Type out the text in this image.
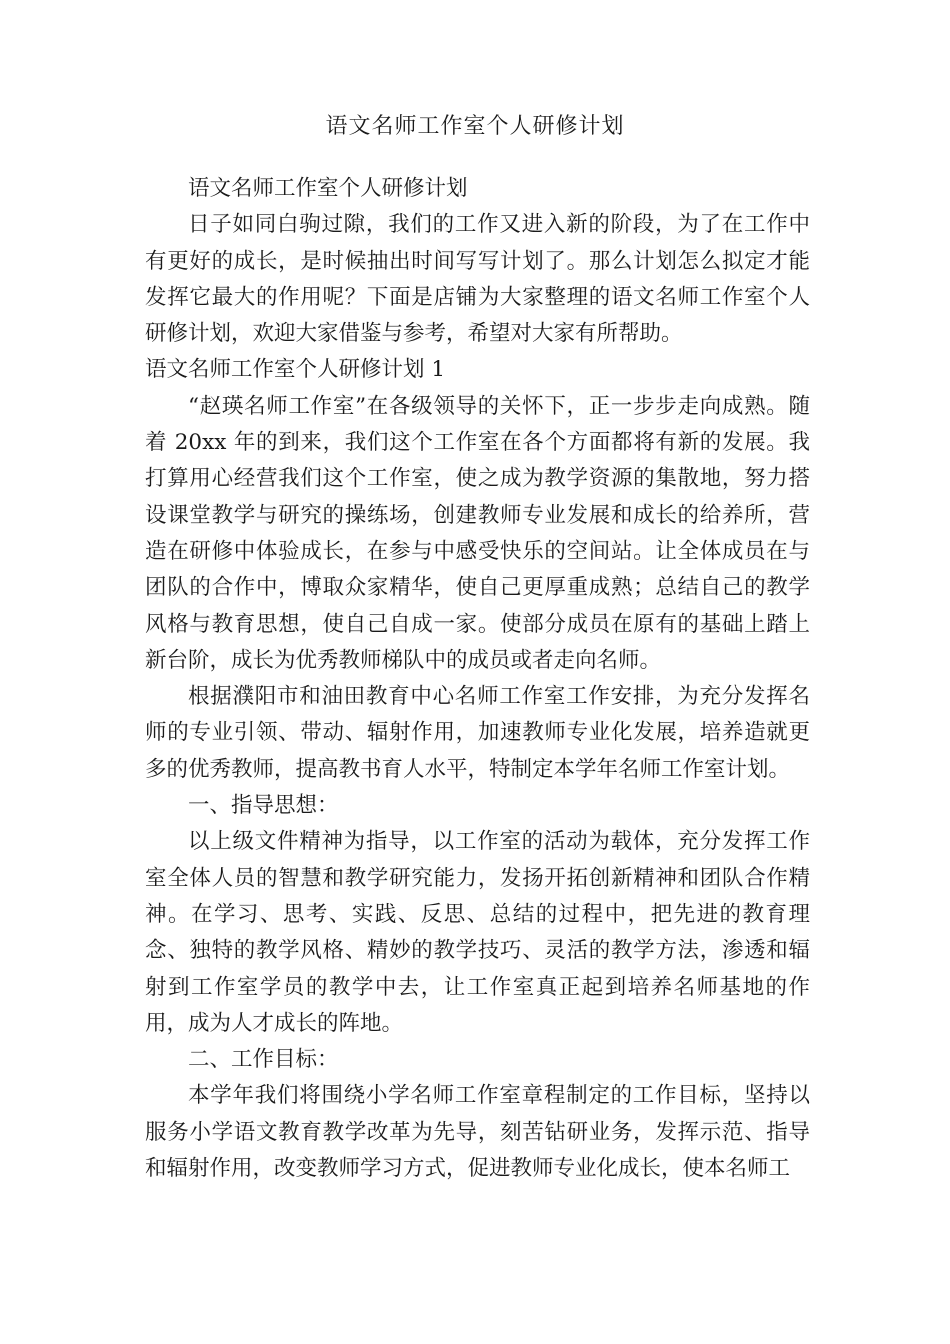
语文名师工作室个人研修计划

语文名师工作室个人研修计划

日子如同白驹过隙，我们的工作又进入新的阶段，为了在工作中有更好的成长，是时候抽出时间写写计划了。那么计划怎么拟定才能发挥它最大的作用呢？下面是店铺为大家整理的语文名师工作室个人研修计划，欢迎大家借鉴与参考，希望对大家有所帮助。

语文名师工作室个人研修计划 1

“赵瑛名师工作室”在各级领导的关怀下，正一步步走向成熟。随着 20xx 年的到来，我们这个工作室在各个方面都将有新的发展。我打算用心经营我们这个工作室，使之成为教学资源的集散地，努力搭设课堂教学与研究的操练场，创建教师专业发展和成长的给养所，营造在研修中体验成长，在参与中感受快乐的空间站。让全体成员在与团队的合作中，博取众家精华，使自己更厚重成熟；总结自己的教学风格与教育思想，使自己自成一家。使部分成员在原有的基础上踏上新台阶，成长为优秀教师梯队中的成员或者走向名师。

根据濮阳市和油田教育中心名师工作室工作安排，为充分发挥名师的专业引领、带动、辐射作用，加速教师专业化发展，培养造就更多的优秀教师，提高教书育人水平，特制定本学年名师工作室计划。

一、指导思想：

以上级文件精神为指导，以工作室的活动为载体，充分发挥工作室全体人员的智慧和教学研究能力，发扬开拓创新精神和团队合作精神。在学习、思考、实践、反思、总结的过程中，把先进的教育理念、独特的教学风格、精妙的教学技巧、灵活的教学方法，渗透和辐射到工作室学员的教学中去，让工作室真正起到培养名师基地的作用，成为人才成长的阵地。

二、工作目标：

本学年我们将围绕小学名师工作室章程制定的工作目标，坚持以服务小学语文教育教学改革为先导，刻苦钻研业务，发挥示范、指导和辐射作用，改变教师学习方式，促进教师专业化成长，使本名师工
